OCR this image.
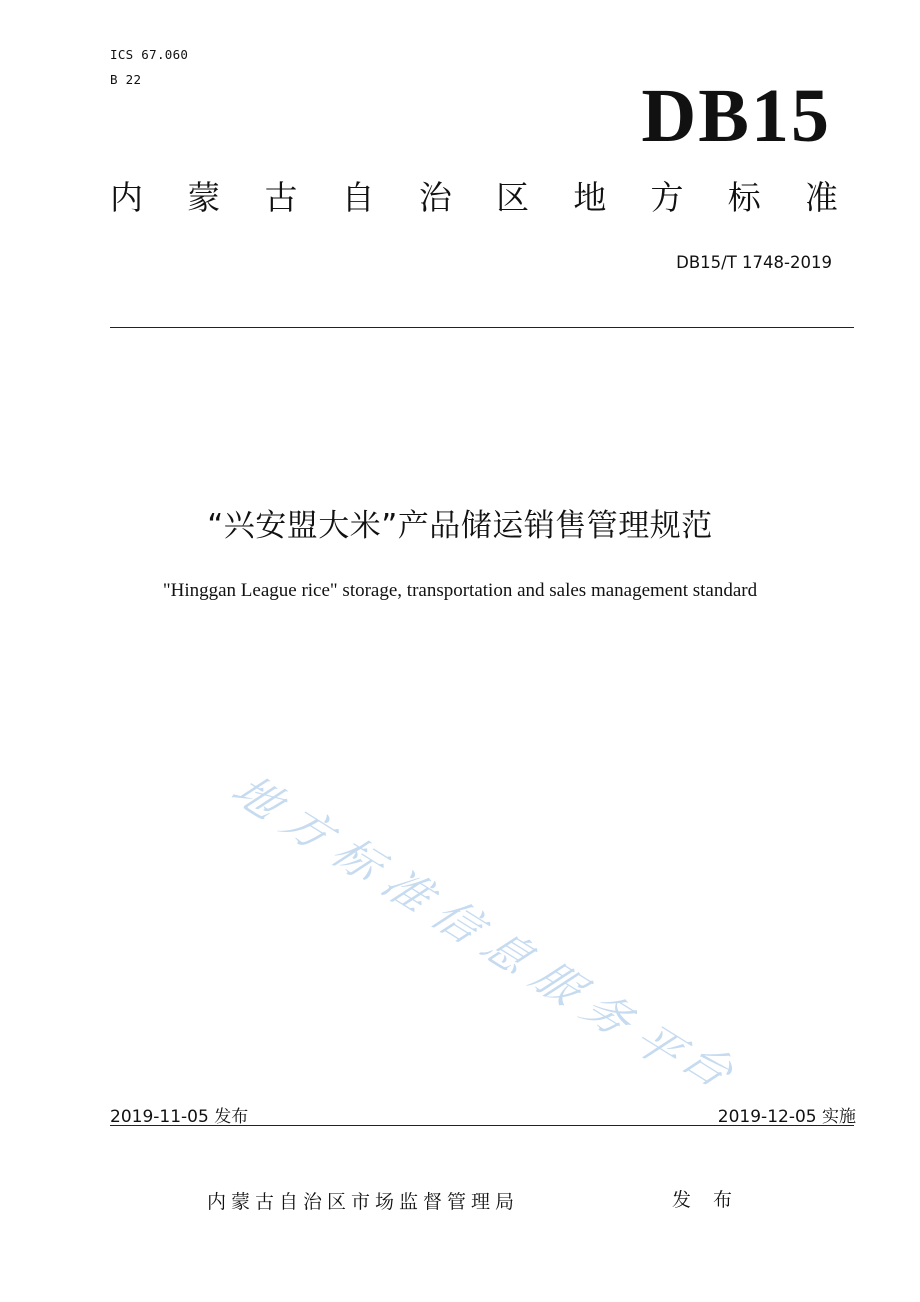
ICS 67.060
B 22	DB15
内 蒙 古 自 治 区 地 方 标 准
DB15/T 1748-2019
“兴安盟大米”产品储运销售管理规范
"Hinggan League rice" storage, transportation and sales management standard
地
方
标
准
信
息
服
务
平
台
2019-11-05 发布	2019-12-05 实施
内蒙古自治区市场监督管理局	发 布
